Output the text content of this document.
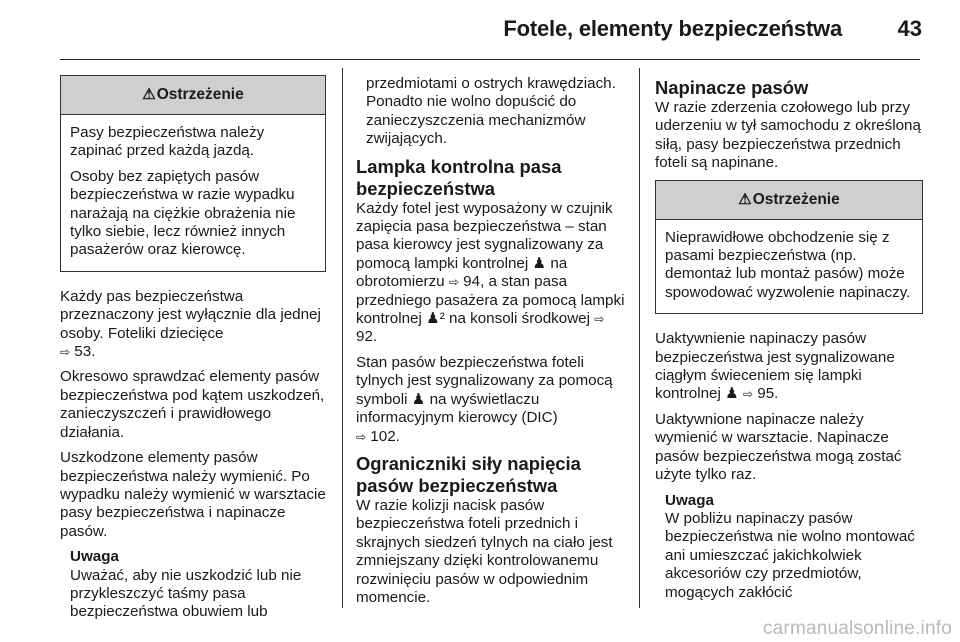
Fotele, elementy bezpieczeństwa	43
⚠Ostrzeżenie

Pasy bezpieczeństwa należy zapinać przed każdą jazdą.

Osoby bez zapiętych pasów bezpieczeństwa w razie wypadku narażają na ciężkie obrażenia nie tylko siebie, lecz również innych pasażerów oraz kierowcę.

Każdy pas bezpieczeństwa przeznaczony jest wyłącznie dla jednej osoby. Foteliki dziecięce
⇨ 53.

Okresowo sprawdzać elementy pasów bezpieczeństwa pod kątem uszkodzeń, zanieczyszczeń i prawidłowego działania.

Uszkodzone elementy pasów bezpieczeństwa należy wymienić. Po wypadku należy wymienić w warsztacie pasy bezpieczeństwa i napinacze pasów.

Uwaga

Uważać, aby nie uszkodzić lub nie przykleszczyć taśmy pasa bezpieczeństwa obuwiem lub

przedmiotami o ostrych krawędziach. Ponadto nie wolno dopuścić do zanieczyszczenia mechanizmów zwijających.

Lampka kontrolna pasa bezpieczeństwa

Każdy fotel jest wyposażony w czujnik zapięcia pasa bezpieczeństwa – stan pasa kierowcy jest sygnalizowany za pomocą lampki kontrolnej ♟ na obrotomierzu ⇨ 94, a stan pasa przedniego pasażera za pomocą lampki kontrolnej ♟² na konsoli środkowej ⇨ 92.

Stan pasów bezpieczeństwa foteli tylnych jest sygnalizowany za pomocą symboli ♟ na wyświetlaczu informacyjnym kierowcy (DIC)
⇨ 102.

Ograniczniki siły napięcia pasów bezpieczeństwa

W razie kolizji nacisk pasów bezpieczeństwa foteli przednich i skrajnych siedzeń tylnych na ciało jest zmniejszany dzięki kontrolowanemu rozwinięciu pasów w odpowiednim momencie.

Napinacze pasów

W razie zderzenia czołowego lub przy uderzeniu w tył samochodu z określoną siłą, pasy bezpieczeństwa przednich foteli są napinane.

⚠Ostrzeżenie

Nieprawidłowe obchodzenie się z pasami bezpieczeństwa (np. demontaż lub montaż pasów) może spowodować wyzwolenie napinaczy.

Uaktywnienie napinaczy pasów bezpieczeństwa jest sygnalizowane ciągłym świeceniem się lampki kontrolnej ♟ ⇨ 95.

Uaktywnione napinacze należy wymienić w warsztacie. Napinacze pasów bezpieczeństwa mogą zostać użyte tylko raz.

Uwaga

W pobliżu napinaczy pasów bezpieczeństwa nie wolno montować ani umieszczać jakichkolwiek akcesoriów czy przedmiotów, mogących zakłócić

carmanualsonline.info
